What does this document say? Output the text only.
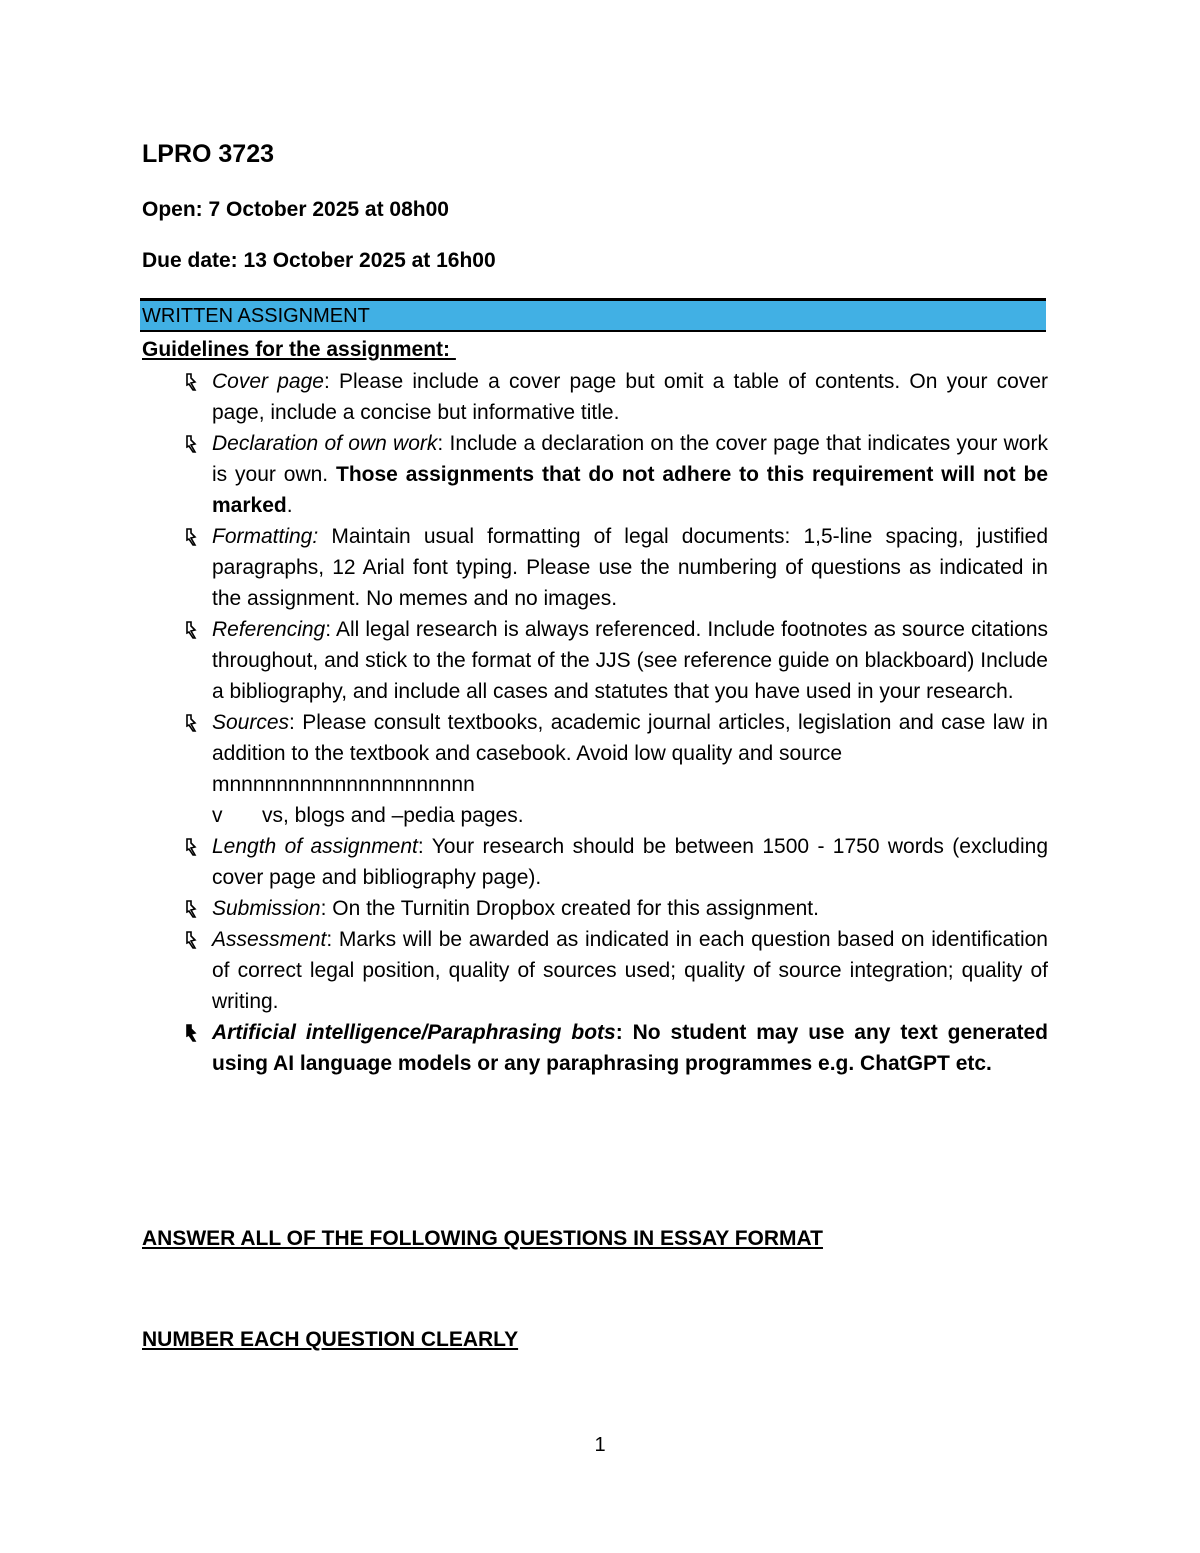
LPRO 3723

Open: 7 October 2025 at 08h00

Due date: 13 October 2025 at 16h00

WRITTEN ASSIGNMENT

Guidelines for the assignment:

Cover page: Please include a cover page but omit a table of contents. On your cover page, include a concise but informative title.
Declaration of own work: Include a declaration on the cover page that indicates your work is your own. Those assignments that do not adhere to this requirement will not be marked.
Formatting: Maintain usual formatting of legal documents: 1,5-line spacing, justified paragraphs, 12 Arial font typing. Please use the numbering of questions as indicated in the assignment. No memes and no images.
Referencing: All legal research is always referenced. Include footnotes as source citations throughout, and stick to the format of the JJS (see reference guide on blackboard) Include a bibliography, and include all cases and statutes that you have used in your research.
Sources: Please consult textbooks, academic journal articles, legislation and case law in addition to the textbook and casebook. Avoid low quality and source
mnnnnnnnnnnnnnnnnnnnnn
v vs, blogs and –pedia pages.
Length of assignment: Your research should be between 1500 - 1750 words (excluding cover page and bibliography page).
Submission: On the Turnitin Dropbox created for this assignment.
Assessment: Marks will be awarded as indicated in each question based on identification of correct legal position, quality of sources used; quality of source integration; quality of writing.
Artificial intelligence/Paraphrasing bots: No student may use any text generated using AI language models or any paraphrasing programmes e.g. ChatGPT etc.

ANSWER ALL OF THE FOLLOWING QUESTIONS IN ESSAY FORMAT

NUMBER EACH QUESTION CLEARLY

1
